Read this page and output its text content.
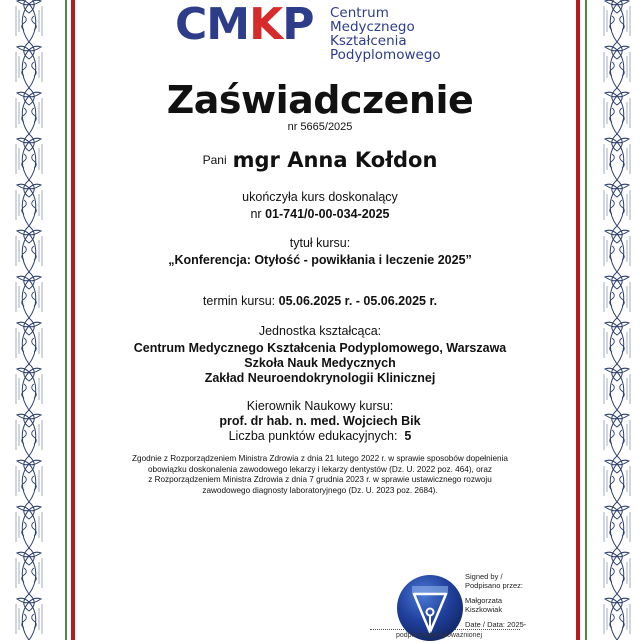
CMKP Centrum Medycznego
Kształcenia
Podyplomowego
Zaświadczenie
nr 5665/2025
Pani mgr Anna Kołdon
ukończyła kurs doskonalący
nr 01-741/0-00-034-2025
tytuł kursu:
„Konferencja: Otyłość - powikłania i leczenie 2025”
termin kursu: 05.06.2025 r. - 05.06.2025 r.
Jednostka kształcąca:
Centrum Medycznego Kształcenia Podyplomowego, Warszawa
Szkoła Nauk Medycznych
Zakład Neuroendokrynologii Klinicznej
Kierownik Naukowy kursu:
prof. dr hab. n. med. Wojciech Bik
Liczba punktów edukacyjnych: 5
Zgodnie z Rozporządzeniem Ministra Zdrowia z dnia 21 lutego 2022 r. w sprawie sposobów dopełnienia
obowiązku doskonalenia zawodowego lekarzy i lekarzy dentystów (Dz. U. 2022 poz. 464), oraz
z Rozporządzeniem Ministra Zdrowia z dnia 7 grudnia 2023 r. w sprawie ustawicznego rozwoju
zawodowego diagnosty laboratoryjnego (Dz. U. 2023 poz. 2684).
Signed by /
Podpisano przez:
Małgorzata
Kiszkowiak
Date / Data: 2025-
podpis osoby upoważnionej
